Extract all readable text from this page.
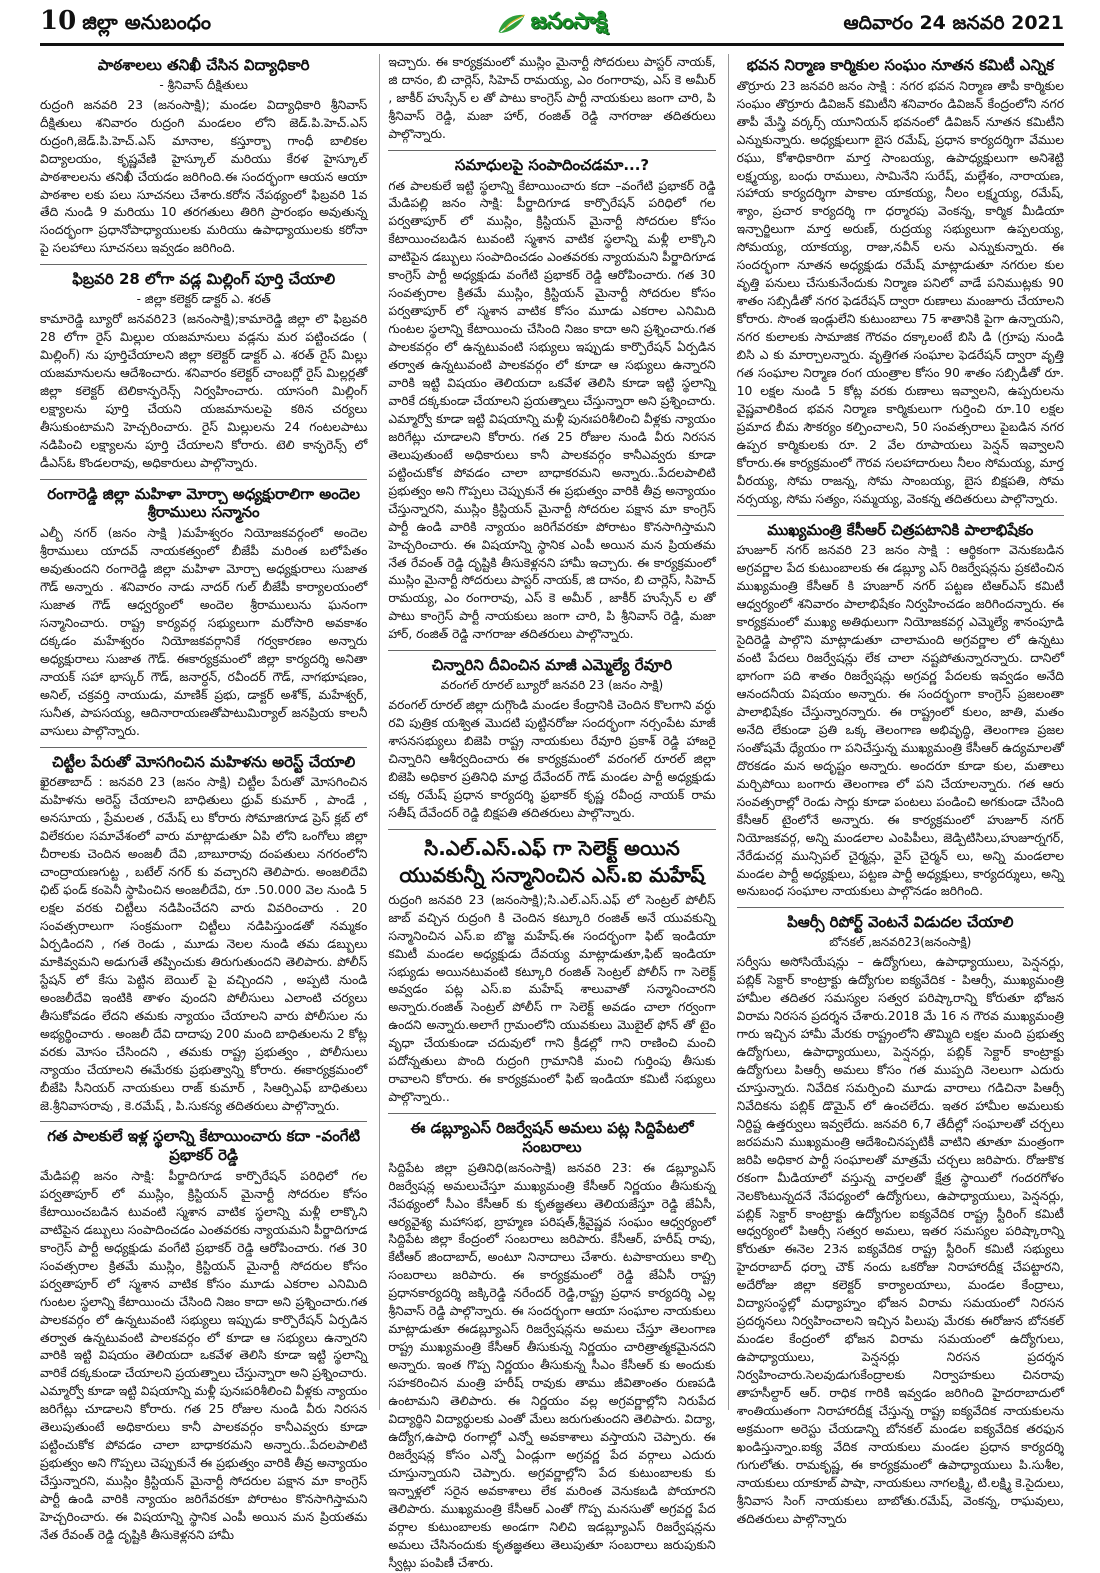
10 జిల్లా అనుబంధం	జనంసాక్షి	ఆదివారం 24 జనవరి 2021
పాఠశాలలు తనిఖీ చేసిన విద్యాధికారి
- శ్రీనివాస్ దీక్షితులు

రుద్రంగి జనవరి 23 (జనంసాక్షి); మండల విద్యాధికారి శ్రీనివాస్ దీక్షితులు శనివారం రుద్రంగి మండలం లోని జెడ్.పి.హెచ్.ఎస్ రుద్రంగి,జెడ్.పి.హెచ్.ఎస్ మానాల, కస్తూర్బా గాంధీ బాలికల విద్యాలయం, కృష్ణవేణి హైస్కూల్ మరియు కేరళ హైస్కూల్ పాఠశాలలను తనిఖీ చేయడం జరిగింది.ఈ సందర్భంగా ఆయన ఆయా పాఠశాల లకు పలు సూచనలు చేశారు.కరోన నేపథ్యంలో ఫిబ్రవరి 1వ తేది నుండి 9 మరియు 10 తరగతులు తిరిగి ప్రారంభం అవుతున్న సందర్భంగా ప్రధానోపాధ్యాయులకు మరియు ఉపాధ్యాయులకు కరోనా పై సలహాలు సూచనలు ఇవ్వడం జరిగింది.

ఫిబ్రవరి 28 లోగా వడ్ల మిల్లింగ్ పూర్తి చేయాలి
- జిల్లా కలెక్టర్ డాక్టర్ ఎ. శరత్

కామారెడ్డి బ్యూరో జనవరి23 (జనంసాక్షి);కామారెడ్డి జిల్లా లొ ఫిబ్రవరి 28 లోగా రైస్ మిల్లుల యజమానులు వడ్లను మర పట్టించడం ( మిల్లింగ్) ను పూర్తిచేయాలని జిల్లా కలెక్టర్ డాక్టర్ ఎ. శరత్ రైస్ మిల్లు యజమానులను ఆదేశించారు. శనివారం కలెక్టర్ చాంబర్లో రైస్ మిల్లర్లతో జిల్లా కలెక్టర్ టెలికాన్ఫరెన్స్ నిర్వహించారు. యాసంగి మిల్లింగ్ లక్ష్యాలను పూర్తి చేయని యజమానులపై కఠిన చర్యలు తీసుకుంటామని హెచ్చరించారు. రైస్ మిల్లులను 24 గంటలపాటు నడిపించి లక్ష్యాలను పూర్తి చేయాలని కోరారు. టెలి కాన్ఫరెన్స్ లో డీఎస్ఓ కొండలరావు, అధికారులు పాల్గొన్నారు.

రంగారెడ్డి జిల్లా మహిళా మోర్చా అధ్యక్షురాలిగా అందెల శ్రీరాములు సన్మానం

ఎల్బీ నగర్ (జనం సాక్షి )మహేశ్వరం నియోజకవర్గంలో అందెల శ్రీరాములు యాదవ్ నాయకత్వంలో బీజేపీ మరింత బలోపేతం అవుతుందని రంగారెడ్డి జిల్లా మహిళా మోర్చా అధ్యక్షురాలు సుజాత గౌడ్ అన్నారు . శనివారం నాడు నాదర్ గుల్ బీజేపీ కార్యాలయంలో సుజాత గౌడ్ ఆధ్వర్యంలో అందెల శ్రీరాములును ఘనంగా సన్మానించారు. రాష్ట్ర కార్యవర్గ సభ్యులుగా మరోసారి అవకాశం దక్కడం మహేశ్వరం నియోజకవర్గానికే గర్వకారణం అన్నారు అధ్యక్షురాలు సుజాత గౌడ్. ఈకార్యక్రమంలో జిల్లా కార్యదర్శి అనితా నాయక్ సహా భాస్కర్ గౌడ్, జనార్ధన్, రవీందర్ గౌడ్, నాగభూషణం, అనిల్, చక్రవర్తి నాయుడు, మాణిక్ ప్రభు, డాక్టర్ అశోక్, మహేశ్వర్, సునీత, పాపసయ్య, ఆదినారాయణతోపాటుమిర్యాల్ జనప్రియ కాలనీ వాసులు పాల్గొన్నారు.

చిట్టీల పేరుతో మోసగించిన మహిళను అరెస్ట్ చేయాలి

ఖైరతాబాద్ : జనవరి 23 (జనం సాక్షి) చిట్టీల పేరుతో మోసగించిన మహిళను అరెస్ట్ చేయాలని బాధితులు ధ్రువ్ కుమార్ , పాండే , అనసూయ , ప్రేమలత , రమేష్ లు కోరారు సోమాజిగూడ ప్రెస్ క్లబ్ లో విలేకరుల సమావేశంలో వారు మాట్లాడుతూ ఏపి లోని ఒంగోలు జిల్లా చీరాలకు చెందిన అంజలీ దేవి ,బాబూరావు దంపతులు నగరంలోని చాంద్రాయణగుట్ట , బటేల్ నగర్ కు వచ్చారని తెలిపారు. అంజలిదేవి ఛిట్ ఫండ్ కంపెనీ స్థాపించిన అంజలీదేవి, రూ .50.000 వెల నుండి 5 లక్షల వరకు చిట్టీలు నడిపించేదని వారు వివరించారు . 20 సంవత్సరాలుగా సంక్రమంగా చిట్టీలు నడిపిస్తుండతో నమ్మకం ఏర్పడిందని , గత రెండు , మూడు నెలల నుండి తమ డబ్బులు మాకివ్వమని అడుగుతే తప్పించుకు తిరుగుతుందని తెలిపారు. పోలీస్ స్టేషన్ లో కేసు పెట్టిన బెయిల్ పై వచ్చిందని , అప్పటి నుండి అంజలీదేవి ఇంటికి తాళం వుందని పోలీసులు ఎలాంటి చర్యలు తీసుకోవడం లేదని తమకు న్యాయం చేయాలని వారు పోలీసుల ను అభ్యర్థించారు . అంజలీ దేవి దాదాపు 200 మంది బాధితులను 2 కోట్ల వరకు మోసం చేసిందని , తమకు రాష్ట్ర ప్రభుత్వం , పోలీసులు న్యాయం చేయాలని ఈమేరకు ప్రభుత్వాన్ని కోరారు. ఈకార్యక్రమంలో బీజేపి సీనియర్ నాయకులు రాజ్ కుమార్ , సిఆర్పిఎఫ్ బాధితులు జె.శ్రీనివాసరావు , కె.రమేష్ , పి.సుకన్య తదితరులు పాల్గొన్నారు.

గత పాలకులే ఇళ్ల స్థలాన్ని కేటాయించారు కదా -వంగేటి ప్రభాకర్ రెడ్డి

మేడిపల్లి జనం సాక్షి: పీర్జాదిగూడ కార్పొరేషన్ పరిధిలో గల పర్వతాపూర్ లో ముస్లిం, క్రిస్టియన్ మైనార్టీ సోదరుల కోసం కేటాయించబడిన టువంటి స్మశాన వాటిక స్థలాన్ని మళ్లీ లాక్కొని వాటిపైన డబ్బులు సంపాదించడం ఎంతవరకు న్యాయమని పీర్జాదిగూడ కాంగ్రెస్ పార్టీ అధ్యక్షుడు వంగేటి ప్రభాకర్ రెడ్డి ఆరోపించారు. గత 30 సంవత్సరాల క్రితమే ముస్లిం, క్రిస్టియన్ మైనార్టీ సోదరుల కోసం పర్వతాపూర్ లో స్మశాన వాటిక కోసం మూడు ఎకరాల ఎనిమిది గుంటల స్థలాన్ని కేటాయించు చేసింది నిజం కాదా అని ప్రశ్నించారు.గత పాలకవర్గం లో ఉన్నటువంటి సభ్యులు ఇప్పుడు కార్పొరేషన్ ఏర్పడిన తర్వాత ఉన్నటువంటి పాలకవర్గం లో కూడా ఆ సభ్యులు ఉన్నారని వారికి ఇట్టి విషయం తెలియదా ఒకవేళ తెలిసి కూడా ఇట్టి స్థలాన్ని వారికే దక్కకుండా చేయాలని ప్రయత్నాలు చేస్తున్నారా అని ప్రశ్నించారు. ఎమ్మార్వో కూడా ఇట్టి విషయాన్ని మళ్లీ పునఃపరిశీలించి వీళ్లకు న్యాయం జరిగేట్లు చూడాలని కోరారు. గత 25 రోజుల నుండి వీరు నిరసన తెలుపుతుంటే అధికారులు కానీ పాలకవర్గం కానీఎవ్వరు కూడా పట్టించుకోక పోవడం చాలా బాధాకరమని అన్నారు..పేదలపాలిటి ప్రభుత్వం అని గొప్పలు చెప్పుకునే ఈ ప్రభుత్వం వారికి తీవ్ర అన్యాయం చేస్తున్నారని, ముస్లిం క్రిస్టియన్ మైనార్టీ సోదరుల పక్షాన మా కాంగ్రెస్ పార్టీ ఉండి వారికి న్యాయం జరిగేవరకూ పోరాటం కొనసాగిస్తామని హెచ్చరించారు. ఈ విషయాన్ని స్థానిక ఎంపీ అయిన మన ప్రియతమ నేత రేవంత్ రెడ్డి దృష్టికి తీసుకెళ్లనని హామీ

ఇచ్చారు. ఈ కార్యక్రమంలో ముస్లిం మైనార్టీ సోదరులు పాస్టర్ నాయక్, జి దానం, బి చార్లెస్, సిహెచ్ రామయ్య, ఎం రంగారావు, ఎస్ కె అమీర్ , జాకీర్ హుస్సేన్ ల తో పాటు కాంగ్రెస్ పార్టీ నాయకులు జంగా చారి, పి శ్రీనివాస్ రెడ్డి, మజా హార్, రంజిత్ రెడ్డి నాగరాజు తదితరులు పాల్గొన్నారు.

సమాధులపై సంపాదించడమా...?

గత పాలకులే ఇట్టి స్థలాన్ని కేటాయించారు కదా –వంగేటి ప్రభాకర్ రెడ్డి మేడిపల్లి జనం సాక్షి: పీర్జాదిగూడ కార్పొరేషన్ పరిధిలో గల పర్వతాపూర్ లో ముస్లిం, క్రిస్టియన్ మైనార్టీ సోదరుల కోసం కేటాయించబడిన టువంటి స్మశాన వాటిక స్థలాన్ని మళ్లీ లాక్కొని వాటిపైన డబ్బులు సంపాదించడం ఎంతవరకు న్యాయమని పీర్జాదిగూడ కాంగ్రెస్ పార్టీ అధ్యక్షుడు వంగేటి ప్రభాకర్ రెడ్డి ఆరోపించారు. గత 30 సంవత్సరాల క్రితమే ముస్లిం, క్రిస్టియన్ మైనార్టీ సోదరుల కోసం పర్వతాపూర్ లో స్మశాన వాటిక కోసం మూడు ఎకరాల ఎనిమిది గుంటల స్థలాన్ని కేటాయించు చేసింది నిజం కాదా అని ప్రశ్నించారు.గత పాలకవర్గం లో ఉన్నటువంటి సభ్యులు ఇప్పుడు కార్పొరేషన్ ఏర్పడిన తర్వాత ఉన్నటువంటి పాలకవర్గం లో కూడా ఆ సభ్యులు ఉన్నారని వారికి ఇట్టి విషయం తెలియదా ఒకవేళ తెలిసి కూడా ఇట్టి స్థలాన్ని వారికే దక్కకుండా చేయాలని ప్రయత్నాలు చేస్తున్నారా అని ప్రశ్నించారు. ఎమ్మార్వో కూడా ఇట్టి విషయాన్ని మళ్లీ పునఃపరిశీలించి వీళ్లకు న్యాయం జరిగేట్లు చూడాలని కోరారు. గత 25 రోజుల నుండి వీరు నిరసన తెలుపుతుంటే అధికారులు కానీ పాలకవర్గం కానీఎవ్వరు కూడా పట్టించుకోక పోవడం చాలా బాధాకరమని అన్నారు..పేదలపాలిటి ప్రభుత్వం అని గొప్పలు చెప్పుకునే ఈ ప్రభుత్వం వారికి తీవ్ర అన్యాయం చేస్తున్నారని, ముస్లిం క్రిస్టియన్ మైనార్టీ సోదరుల పక్షాన మా కాంగ్రెస్ పార్టీ ఉండి వారికి న్యాయం జరిగేవరకూ పోరాటం కొనసాగిస్తామని హెచ్చరించారు. ఈ విషయాన్ని స్థానిక ఎంపీ అయిన మన ప్రియతమ నేత రేవంత్ రెడ్డి దృష్టికి తీసుకెళ్లనని హామీ ఇచ్చారు. ఈ కార్యక్రమంలో ముస్లిం మైనార్టీ సోదరులు పాస్టర్ నాయక్, జి దానం, బి చార్లెస్, సిహెచ్ రామయ్య, ఎం రంగారావు, ఎస్ కె అమీర్ , జాకీర్ హుస్సేన్ ల తో పాటు కాంగ్రెస్ పార్టీ నాయకులు జంగా చారి, పి శ్రీనివాస్ రెడ్డి, మజా హార్, రంజిత్ రెడ్డి నాగరాజు తదితరులు పాల్గొన్నారు.

చిన్నారిని దీవించిన మాజీ ఎమ్మెల్యే రేవూరి
వరంగల్ రూరల్ బ్యూరో జనవరి 23 (జనం సాక్షి)

వరంగల్ రూరల్ జిల్లా దుగ్గొండి మండల కేంద్రానికి చెందిన కొలగాని వర్ధు రవి పుత్రిక యశ్విత మొదటి పుట్టినరోజు సందర్భంగా నర్సంపేట మాజీ శాసనసభ్యులు బిజెపి రాష్ట్ర నాయకులు రేవూరి ప్రకాశ్ రెడ్డి హాజరై చిన్నారిని ఆశీర్వదించారు ఈ కార్యక్రమంలో వరంగల్ రూరల్ జిల్లా బిజెపి అధికార ప్రతినిధి మాధ్ర దేవేందర్ గౌడ్ మండల పార్టీ అధ్యక్షుడు చక్క రమేష్ ప్రధాన కార్యదర్శి ఫ్రభాకర్ కృష్ణ రవీంద్ర నాయక్ రామ సతీష్ దేవేందర్ రెడ్డి బిక్షపతి తదితరులు పాల్గొన్నారు.

సి.ఎల్.ఎస్.ఎఫ్ గా సెలెక్ట్ అయిన యువకున్నీ సన్మానించిన ఎస్.ఐ మహేష్

రుద్రంగి జనవరి 23 (జనంసాక్షి);సి.ఎల్.ఎస్.ఎఫ్ లో సెంట్రల్ పోలీస్ జాబ్ వచ్చిన రుద్రంగి కి చెందిన కట్కూరి రంజిత్ అనే యువకున్ని సన్మానించిన ఎస్.ఐ బొజ్జ మహేష్.ఈ సందర్భంగా ఫిట్ ఇండియా కమిటీ మండల అధ్యక్షుడు దేవయ్య మాట్లాడుతూ,ఫిట్ ఇండియా సభ్యుడు అయినటువంటి కట్కూరి రంజిత్ సెంట్రల్ పోలీస్ గా సెలెక్ట్ అవ్వడం పట్ల ఎస్.ఐ మహేష్ శాలువాతో సన్మానించారని అన్నారు.రంజిత్ సెంట్రల్ పోలీస్ గా సెలెక్ట్ అవడం చాలా గర్వంగా ఉందని అన్నారు.అలాగే గ్రామంలోని యువకులు మొబైల్ ఫోన్ తో టైం వృధా చేయకుండా చదువులో గాని క్రీడల్లో గాని రాణించి మంచి పదోన్నతులు పొంది రుద్రంగి గ్రామానికి మంచి గుర్తింపు తీసుకు రావాలని కోరారు. ఈ కార్యక్రమంలో ఫిట్ ఇండియా కమిటీ సభ్యులు పాల్గొన్నారు..

ఈ డబ్ల్యూఎస్ రిజర్వేషన్ అమలు పట్ల సిద్దిపేటలో సంబరాలు

సిద్దిపేట జిల్లా ప్రతినిధి(జనంసాక్షి) జనవరి 23: ఈ డబ్ల్యూఎస్ రిజర్వేషన్ల అమలుచేస్తూ ముఖ్యమంత్రి కేసీఆర్ నిర్ణయం తీసుకున్న నేపథ్యంలో సీఎం కేసీఆర్ కు కృతజ్ఞతలు తెలియజేస్తూ రెడ్డి జేఏసీ, ఆర్యవైశ్య మహాసభ, బ్రాహ్మణ పరిషత్,శ్రీవైష్ణవ సంఘం ఆధ్వర్యంలో సిద్దిపేట జిల్లా కేంద్రంలో సంబరాలు జరిపారు. కేసీఆర్, హరీష్ రావు, కేటీఆర్ జిందాబాద్, అంటూ నినాదాలు చేశారు. టపాకాయలు కాల్చి సంబరాలు జరిపారు. ఈ కార్యక్రమంలో రెడ్డి జేఏసీ రాష్ట్ర ప్రధానకార్యదర్శి జక్కిరెడ్డి నరేందర్ రెడ్డి,రాష్ట్ర ప్రధాన కార్యదర్శి ఎల్ల శ్రీనివాస్ రెడ్డి పాల్గొన్నారు. ఈ సందర్భంగా ఆయా సంఘాల నాయకులు మాట్లాడుతూ ఈడబ్ల్యూఎస్ రిజర్వేషన్లను అమలు చేస్తూ తెలంగాణ రాష్ట్ర ముఖ్యమంత్రి కేసీఆర్ తీసుకున్న నిర్ణయం చారిత్రాత్మకమైనదని అన్నారు. ఇంత గొప్ప నిర్ణయం తీసుకున్న సీఎం కేసీఆర్ కు అందుకు సహకరించిన మంత్రి హరీష్ రావుకు తాము జీవితాంతం రుణపడి ఉంటామని తెలిపారు. ఈ నిర్ణయం వల్ల అగ్రవర్ణాల్లోని నిరుపేద విద్యార్థిని విద్యార్థులకు ఎంతో మేలు జరుగుతుందని తెలిపారు. విద్యా, ఉద్యోగ,ఉపాధి రంగాల్లో ఎన్నో అవకాశాలు వస్తాయని చెప్పారు. ఈ రిజర్వేషన్ల కోసం ఎన్నో ఏండ్లుగా అగ్రవర్ణ పేద వర్గాలు ఎదురు చూస్తున్నాయని చెప్పారు. అగ్రవర్ణాల్లోని పేద కుటుంబాలకు కు ఇన్నాళ్లలో సరైన అవకాశాలు లేక మరింత వెనుకబడి పోయారని తెలిపారు. ముఖ్యమంత్రి కేసీఆర్ ఎంతో గొప్ప మనసుతో అగ్రవర్ణ పేద వర్గాల కుటుంబాలకు అండగా నిలిచి ఇడబ్ల్యూఎస్ రిజర్వేషన్లను అమలు చేసినందుకు కృతజ్ఞతలు తెలుపుతూ సంబరాలు జరుపుకుని స్వీట్లు పంపిణీ చేశారు.

భవన నిర్మాణ కార్మికుల సంఘం నూతన కమిటీ ఎన్నిక

తొర్రూరు 23 జనవరి జనం సాక్షి : నగర భవన నిర్మాణ తాపీ కార్మికుల సంఘం తొర్రూరు డివిజన్ కమిటీని శనివారం డివిజన్ కేంద్రంలోని నగర తాపీ మేస్త్రి వర్కర్స్ యూనియన్ భవనంలో డివిజన్ నూతన కమిటీని ఎన్నుకున్నారు. అధ్యక్షులుగా బైస రమేష్, ప్రధాన కార్యదర్శిగా వేముల రఘు, కోశాధికారిగా మార్త సాంబయ్య, ఉపాధ్యక్షులుగా అనిశెట్టి లక్ష్మయ్య, బంధు రాములు, సామినేని సురేష్, మల్లేశం, నారాయణ, సహాయ కార్యదర్శిగా పాకాల యాకయ్య, నీలం లక్ష్మయ్య, రమేష్, శ్యాం, ప్రచార కార్యదర్శి గా ధర్మారపు వెంకన్న, కార్మిక మీడియా ఇన్చార్జిలుగా మార్త అరుణ్, రుద్రయ్య సభ్యులుగా ఉప్పలయ్య, సోమయ్య, యాకయ్య, రాజు,నవీన్ లను ఎన్నుకున్నారు. ఈ సందర్భంగా నూతన అధ్యక్షుడు రమేష్ మాట్లాడుతూ నగరుల కుల వృత్తి పనులు చేసుకునేందుకు నిర్మాణ పనిలో వాడే పనిముట్లకు 90 శాతం సబ్సిడీతో నగర ఫెడరేషన్ ద్వారా రుణాలు మంజూరు చేయాలని కోరారు. సొంత ఇండ్లులేని కుటుంబాలు 75 శాతానికి పైగా ఉన్నాయని, నగర కులాలకు సామాజిక గౌరవం దక్కాలంటే బిసి డి (గ్రూపు నుండి బిసి ఎ కు మార్చాలన్నారు. వృత్తిగత సంఘాల ఫెడరేషన్ ద్వారా వృత్తి గత సంఘాల నిర్మాణ రంగ యంత్రాల కోసం 90 శాతం సబ్సిడీతో రూ. 10 లక్షల నుండి 5 కోట్ల వరకు రుణాలు ఇవ్వాలని, ఉప్పరులను వైష్ణవాలికింద భవన నిర్మాణ కార్మికులుగా గుర్తించి రూ.10 లక్షల ప్రమాద బీమ సౌకర్యం కల్పించాలని, 50 సంవత్సరాలు పైబడిన నగర ఉప్పర కార్మికులకు రూ. 2 వేల రూపాయలు పెన్షన్ ఇవ్వాలని కోరారు.ఈ కార్యక్రమంలో గౌరవ సలహాదారులు నీలం సోమయ్య, మార్త వీరయ్య, సోమ రాజన్న, సోమ సాంబయ్య, బైస బిక్షపతి, సోమ నర్సయ్య, సోమ సత్యం, సమ్మయ్య, వెంకన్న తదితరులు పాల్గొన్నారు.

ముఖ్యమంత్రి కేసీఆర్ చిత్రపటానికి పాలాభిషేకం

హుజూర్ నగర్ జనవరి 23 జనం సాక్షి : ఆర్థికంగా వెనుకబడిన అగ్రవర్ణాల పేద కుటుంబాలకు ఈ డబ్ల్యూ ఎస్ రిజర్వేషన్లను ప్రకటించిన ముఖ్యమంత్రి కేసీఆర్ కి హుజూర్ నగర్ పట్టణ టిఆర్ఎస్ కమిటీ ఆధ్వర్యంలో శనివారం పాలాభిషేకం నిర్వహించడం జరిగిందన్నారు. ఈ కార్యక్రమంలో ముఖ్య అతిథులుగా నియోజకవర్గ ఎమ్మెల్యే శానంపూడి సైదిరెడ్డి పాల్గొని మాట్లాడుతూ చాలామంది అగ్రవర్ణాల లో ఉన్నటు వంటి పేదలు రిజర్వేషన్లు లేక చాలా నష్టపోతున్నారన్నారు. దానిలో భాగంగా పది శాతం రిజర్వేషన్లు అగ్రవర్ణ పేదలకు ఇవ్వడం అనేది ఆనందనీయ విషయం అన్నారు. ఈ సందర్భంగా కాంగ్రెస్ ప్రజలంతా పాలాభిషేకం చేస్తున్నారన్నారు. ఈ రాష్ట్రంలో కులం, జాతి, మతం అనేది లేకుండా ప్రతి ఒక్క తెలంగాణ అభివృద్ధి, తెలంగాణ ప్రజల సంతోషమే ధ్యేయం గా పనిచేస్తున్న ముఖ్యమంత్రి కేసీఆర్ ఉద్యమాలతో దొరకడం మన అదృష్టం అన్నారు. అందరూ కూడా కుల, మతాలు మర్చిపోయి బంగారు తెలంగాణ లో పని చేయాలన్నారు. గత ఆరు సంవత్సరాల్లో రెండు సార్లు కూడా పంటలు పండించి అగకుండా చేసింది కేసీఆర్ టైంలోనే అన్నారు. ఈ కార్యక్రమంలో హుజూర్ నగర్ నియోజకవర్గ, అన్ని మండలాల ఎంపిపీలు, జెడ్పిటిసిలు,హుజూర్నగర్, నేరేడుచర్ల మున్సిపల్ చైర్మన్లు, వైస్ చైర్మన్ లు, అన్ని మండలాల మండల పార్టీ అధ్యక్షులు, పట్టణ పార్టీ అధ్యక్షులు, కార్యదర్శులు, అన్ని అనుబంధ సంఘాల నాయకులు పాల్గొనడం జరిగింది.

పిఆర్సీ రిపోర్ట్ వెంటనే విడుదల చేయాలి
బోనకల్ ,జనవరి23(జనంసాక్షి)

సర్వీసు అసోసియేషన్లు – ఉద్యోగులు, ఉపాధ్యాయులు, పెన్షనర్లు, పబ్లిక్ సెక్టార్ కాంట్రాక్టు ఉద్యోగుల ఐక్యవేదిక - పిఆర్సీ, ముఖ్యమంత్రి హామీల తదితర సమస్యల సత్వర పరిష్కారాన్ని కోరుతూ భోజన విరామ నిరసన ప్రదర్శన చేశారు.2018 మే 16 న గౌరవ ముఖ్యమంత్రి గారు ఇచ్చిన హామీ మేరకు రాష్ట్రంలోని తొమ్మిది లక్షల మంది ప్రభుత్వ ఉద్యోగులు, ఉపాధ్యాయులు, పెన్షనర్లు, పబ్లిక్ సెక్టార్ కాంట్రాక్టు ఉద్యోగులు పిఆర్సీ అమలు కోసం గత ముప్పది నెలలుగా ఎదురు చూస్తున్నారు. నివేదిక సమర్పించి మూడు వారాలు గడిచినా పిఆర్సీ నివేదికను పబ్లిక్ డొమైన్ లో ఉంచలేదు. ఇతర హామీల అమలుకు నిర్దిష్ట ఉత్తర్వులు ఇవ్వలేదు. జనవరి 6,7 తేదీల్లో సంఘాలతో చర్చలు జరపమని ముఖ్యమంత్రి ఆదేశించినప్పటికీ వాటిని తూతూ మంత్రంగా జరిపి అధికార పార్టీ సంఘాలతో మాత్రమే చర్చలు జరిపారు. రోజుకొక రకంగా మీడియాలో వస్తున్న వార్తలతో క్షేత్ర స్థాయిలో గందరగోళం నెలకొంటున్నదనే నేపధ్యంలో ఉద్యోగులు, ఉపాధ్యాయులు, పెన్షనర్లు, పబ్లిక్ సెక్టార్ కాంట్రాక్టు ఉద్యోగుల ఐక్యవేదిక రాష్ట్ర స్టీరింగ్ కమిటీ ఆధ్వర్యంలో పిఆర్సీ సత్వర అమలు, ఇతర సమస్యల పరిష్కారాన్ని కోరుతూ ఈనెల 23న ఐక్యవేదిక రాష్ట్ర స్టీరింగ్ కమిటీ సభ్యులు హైదరాబాద్ ధర్నా చౌక్ నందు ఒకరోజు నిరాహారదీక్ష చేపట్టారని, అదేరోజు జిల్లా కలెక్టర్ కార్యాలయాలు, మండల కేంద్రాలు, విద్యాసంస్థల్లో మధ్యాహ్నం భోజన విరామ సమయంలో నిరసన ప్రదర్శనలు నిర్వహించాలని ఇచ్చిన పిలుపు మేరకు ఈరోజున బోనకల్ మండల కేంద్రంలో భోజన విరామ సమయంలో ఉద్యోగులు, ఉపాధ్యాయులు, పెన్షనర్లు నిరసన ప్రదర్శన నిర్వహించారు.సెలవుడుగుకేంద్రాలకు నిర్వాహకులు చినరావు తాహసీల్దార్ ఆర్. రాధిక గారికి ఇవ్వడం జరిగింది హైదరాబాదులో శాంతియుతంగా నిరాహారదీక్ష చేస్తున్న రాష్ట్ర ఐక్యవేదిక నాయకులను అక్రమంగా అరెస్టు చేయడాన్ని బోనకల్ మండల ఐక్యవేదిక తరఫున ఖండిస్తున్నాం.ఐక్య వేదిక నాయకులు మండల ప్రధాన కార్యదర్శి గుగులోతు. రామకృష్ణ, ఈ కార్యక్రమంలో ఉపాధ్యాయులు పి.సుశీల, నాయకులు యాకూబ్ పాషా, నాయకులు నాగలక్ష్మి, టి.లక్ష్మి కె.సైదులు, శ్రీనివాస సింగ్ నాయకులు బాబోతు.రమేష్, వెంకన్న, రాఘవులు, తదితరులు పాల్గొన్నారు
